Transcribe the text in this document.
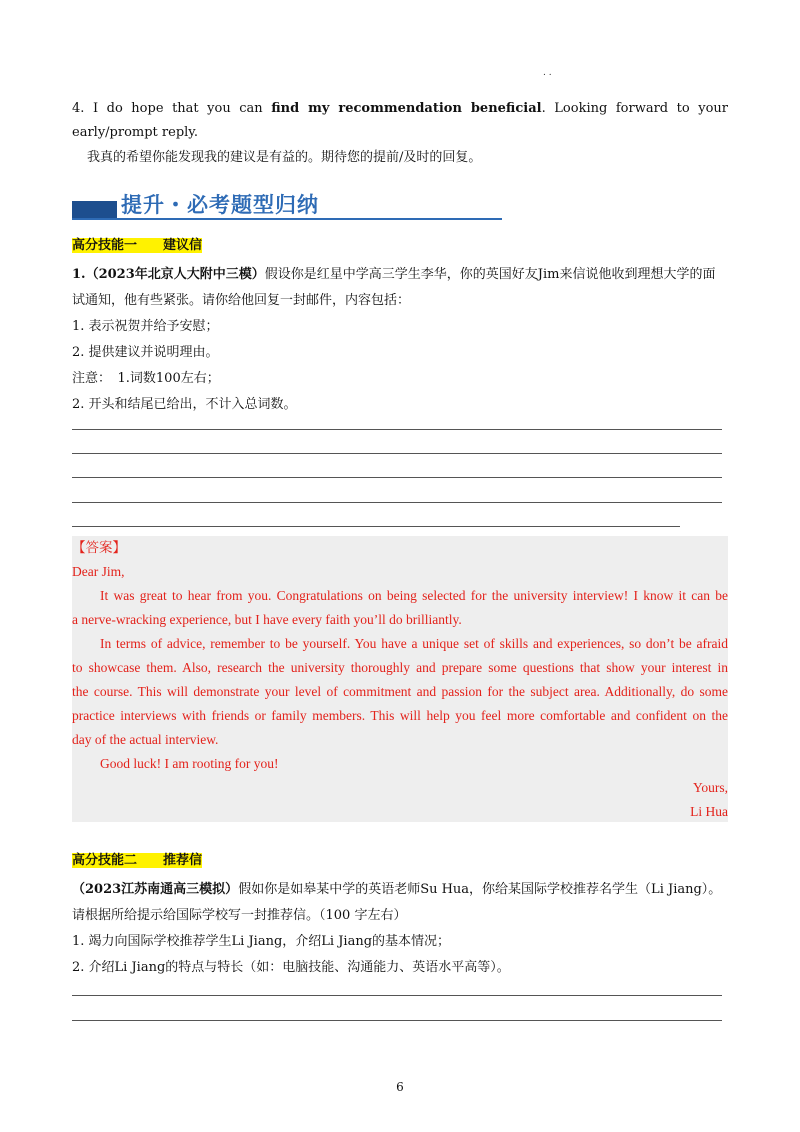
. .
4. I do hope that you can find my recommendation beneficial. Looking forward to your early/prompt reply.
我真的希望你能发现我的建议是有益的。期待您的提前/及时的回复。
提升・必考题型归纳
高分技能一　　建议信
1.（2023年北京人大附中三模）假设你是红星中学高三学生李华，你的英国好友Jim来信说他收到理想大学的面试通知，他有些紧张。请你给他回复一封邮件，内容包括：
1. 表示祝贺并给予安慰；
2. 提供建议并说明理由。
注意：　1.词数100左右；
2. 开头和结尾已给出，不计入总词数。
【答案】
Dear Jim,
It was great to hear from you. Congratulations on being selected for the university interview! I know it can be
a nerve-wracking experience, but I have every faith you’ll do brilliantly.
In terms of advice, remember to be yourself. You have a unique set of skills and experiences, so don’t be afraid
to showcase them. Also, research the university thoroughly and prepare some questions that show your interest in
the course. This will demonstrate your level of commitment and passion for the subject area. Additionally, do some
practice interviews with friends or family members. This will help you feel more comfortable and confident on the
day of the actual interview.
Good luck! I am rooting for you!
Yours,
Li Hua
高分技能二　　推荐信
（2023江苏南通高三模拟）假如你是如皋某中学的英语老师Su Hua，你给某国际学校推荐名学生（Li Jiang）。请根据所给提示给国际学校写一封推荐信。（100 字左右）
1. 竭力向国际学校推荐学生Li Jiang，介绍Li Jiang的基本情况；
2. 介绍Li Jiang的特点与特长（如：电脑技能、沟通能力、英语水平高等）。
6
